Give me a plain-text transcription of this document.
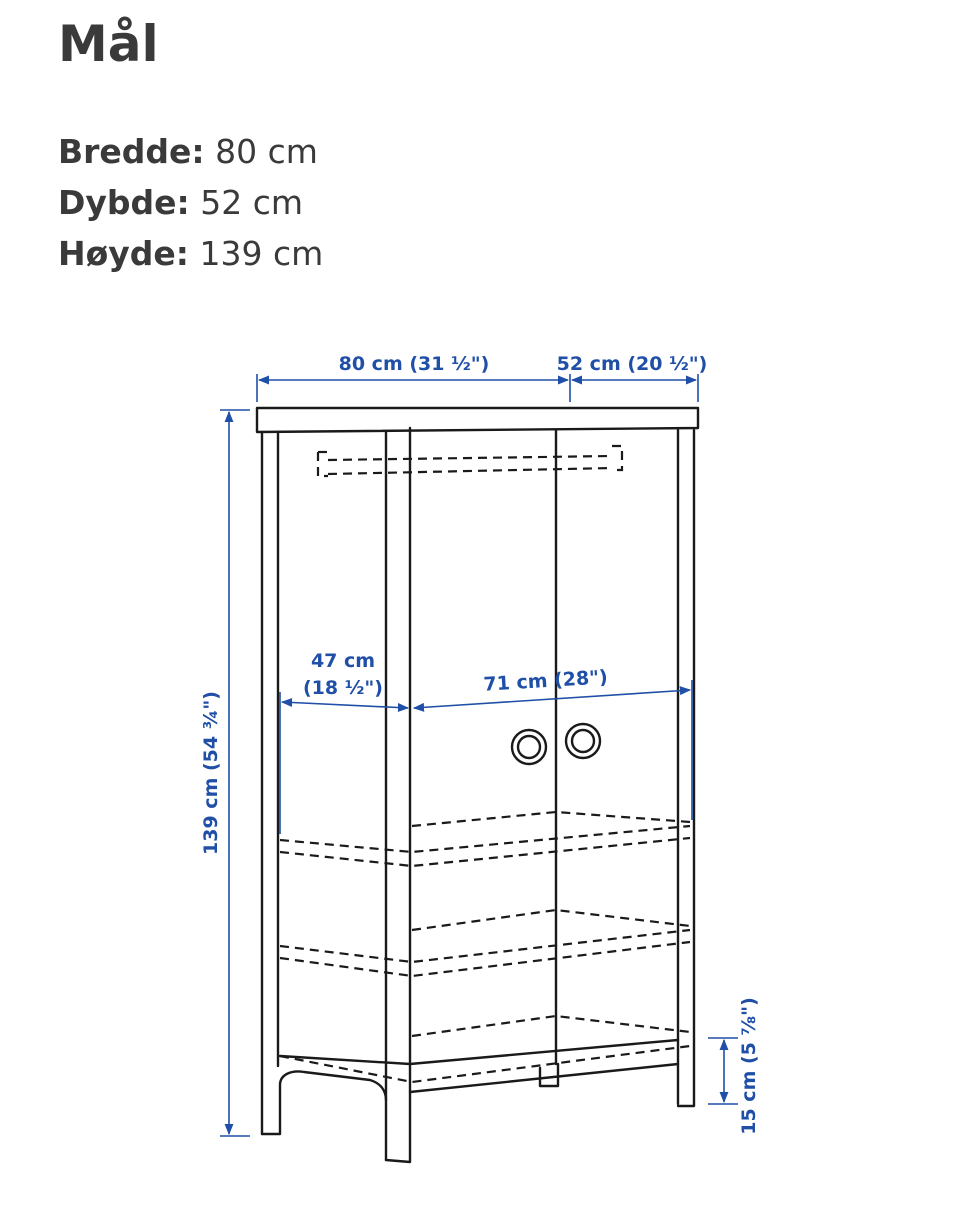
Mål
Bredde: 80 cm
Dybde: 52 cm
Høyde: 139 cm
80 cm (31 ½")	52 cm (20 ½")
139 cm (54 ¾")
47 cm
(18 ½")	71 cm (28")
15 cm (5 ⅞")
